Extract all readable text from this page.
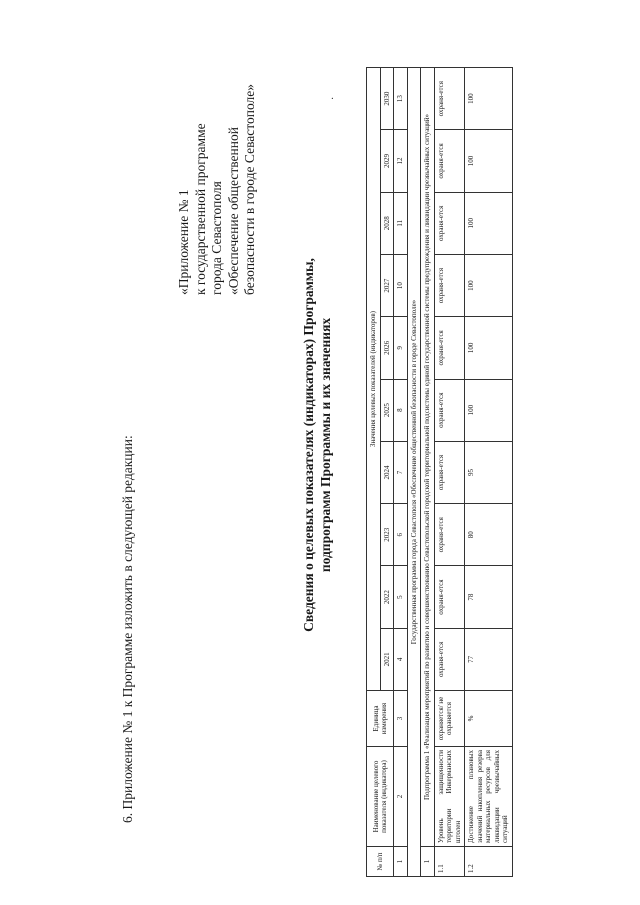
6. Приложение № 1 к Программе изложить в следующей редакции:
«Приложение № 1 к государственной программе города Севастополя «Обеспечение общественной безопасности в городе Севастополе»
Сведения о целевых показателях (индикаторах) Программы, подпрограмм Программы и их значениях
·
№ п/п	Наименование целевого показателя (индикатора)	Единица измерения	Значения целевых показателей (индикаторов)									
			2021	2022	2023	2024	2025	2026	2027	2028	2029	2030
1	2	3	4	5	6	7	8	9	10	11	12	13
Государственная программа города Севастополя «Обеспечение общественной безопасности в городе Севастополе»												
1	Подпрограмма 1 «Реализация мероприятий по развитию и совершенствованию Севастопольской городской территориальной подсистемы единой государственной системы предупреждения и ликвидации чрезвычайных ситуаций»											
1.1	Уровень защищенности территории Инкерманских штолен	охраняется/ не охраняется	охраня-ется	охраня-ется	охраня-ется	охраня-ется	охраня-ется	охраня-ется	охраня-ется	охраня-ется	охраня-ется	охраня-ется
1.2	Достижение плановых значений накопления резерва материальных ресурсов для ликвидации чрезвычайных ситуаций	%	77	78	80	95	100	100	100	100	100	100
